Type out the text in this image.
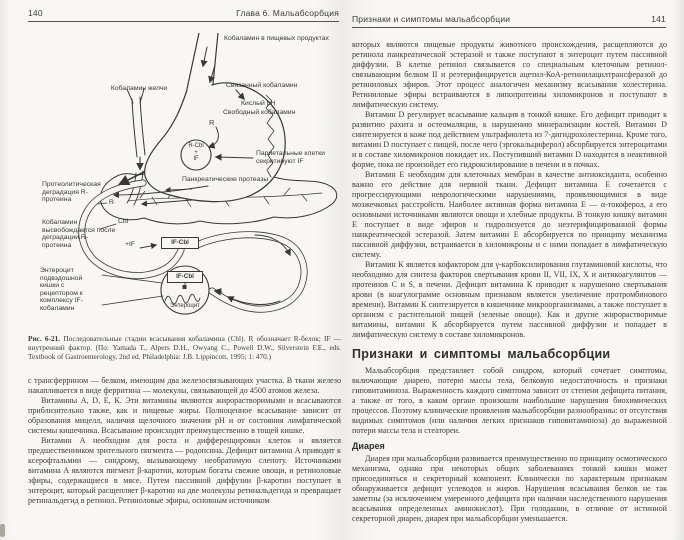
140	Глава 6. Мальабсорбция
Кобаламин в пищевых продуктах
Связанный кобаламин
Кислый pH
Свободный кобаламин
R
R-Cbl
+
IF
Париетальные клетки секретируют IF
Кобаламин желчи
Панкреатические протеазы
Протеолитическая деградация R-протеина	R·
Кобаламин высвобождается после деградации R-протеина
Cbl
+IF	IF-Cbl
Энтероцит подвздошной кишки с рецептором к комплексу IF-кобаламин
IF-Cbl
Энтероцит
Рис. 6-21. Последовательные стадии всасывания кобаламина (Cbl). R обозначает R-белок; IF — внутренний фактор. (По: Yamada T., Alpers D.H., Owyang C., Powell D.W., Silverstein F.E., eds. Textbook of Gastroenterology, 2nd ed. Philadelphia: J.B. Lippincott, 1995; 1: 470.)

с трансферрином — белком, имеющим два железосвязывающих участка. В ткани железо накапливается в виде ферритина — молекулы, связывающей до 4500 атомов железа.

Витамины A, D, E, К. Эти витамины являются жирорастворимыми и всасываются приблизительно также, как и пищевые жиры. Полноценное всасывание зависит от образования мицелл, наличия щелочного значения pH и от состояния лимфатической системы кишечника. Всасывание происходит преимущественно в тощей кишке.

Витамин A необходим для роста и дифференцировки клеток и является предшественником зрительного пигмента — родопсина. Дефицит витамина A приводит к ксерофтальмии — синдрому, вызывающему необратимую слепоту. Источниками витамина A являются пигмент β-каротин, которым богаты свежие овощи, и ретиноловые эфиры, содержащиеся в мясе. Путем пассивной диффузии β-каротин поступает в энтероцит, который расщепляет β-каротин на две молекулы ретинальдегида и превращает ретинальдегид в ретинол. Ретиноловые эфиры, основным источником

Признаки и симптомы мальабсорбции	141

которых являются пищевые продукты животного происхождения, расщепляются до ретинола панкреатической эстеразой и также поступают в энтероцит путем пассивной диффузии. В клетке ретинол связывается со специальным клеточным ретинол-связывающим белком II и реэтерифицируется ацетил-КоА-ретинилацилтрансферазой до ретиниловых эфиров. Этот процесс аналогичен механизму всасывания холестерина. Ретиниловые эфиры встраиваются в липопротеины хиломикронов и поступают в лимфатическую систему.

Витамин D регулирует всасывание кальция в тонкой кишке. Его дефицит приводит к развитию рахита и остеомаляции, к нарушению минерализации костей. Витамин D синтезируется в коже под действием ультрафиолета из 7-дигидрохолестерина. Кроме того, витамин D поступает с пищей, после чего (эргокальциферол) абсорбируется энтероцитами и в составе хиломикронов покидает их. Поступивший витамин D находится в неактивной форме, пока не произойдет его гидроксилирование в печени и в почках.

Витамин E необходим для клеточных мембран в качестве антиоксиданта, особенно важно его действие для нервной ткани. Дефицит витамина E сочетается с прогрессирующими неврологическими нарушениями, проявляющимися в виде мозжечковых расстройств. Наиболее активная форма витамина E — α-токоферол, а его основными источниками являются овощи и хлебные продукты. В тонкую кишку витамин E поступает в виде эфиров и гидролизуется до неэтерифицированной формы панкреатической эстеразой. Затем витамин E абсорбируется по принципу механизма пассивной диффузии, встраивается в хиломикроны и с ними попадает в лимфатическую систему.

Витамин К является кофактором для γ-карбоксилирования глутаминовой кислоты, что необходимо для синтеза факторов свертывания крови II, VII, IX, X и антикоагулянтов — протеинов C и S, в печени. Дефицит витамина К приводит к нарушению свертывания крови (в коагулограмме основным признаком является увеличение протромбинового времени). Витамин К синтезируется в кишечнике микроорганизмами, а также поступает в организм с растительной пищей (зеленые овощи). Как и другие жирорастворимые витамины, витамин К абсорбируется путем пассивной диффузии и попадает в лимфатическую систему в составе хиломикронов.

Признаки и симптомы мальабсорбции

Мальабсорбция представляет собой синдром, который сочетает симптомы, включающие диарею, потерю массы тела, белковую недостаточность и признаки гиповитаминоза. Выраженность каждого симптома зависит от степени дефицита питания, а также от того, в каком органе произошли наибольшие нарушения биохимических процессов. Поэтому клинические проявления мальабсорбции разнообразны: от отсутствия видимых симптомов (или наличия легких признаков гиповитаминоза) до выраженной потери массы тела и стеатореи.

Диарея

Диарея при мальабсорбции развивается преимущественно по принципу осмотического механизма, однако при некоторых общих заболеваниях тонкой кишки может присоединяться и секреторный компонент. Клинически по характерным признакам обнаруживается дефицит углеводов и жиров. Нарушения всасывания белков не так заметны (за исключением умеренного дефицита при наличии наследственного нарушения всасывания определенных аминокислот). При голодании, в отличие от истинной секреторной диареи, диарея при мальабсорбции уменьшается.
